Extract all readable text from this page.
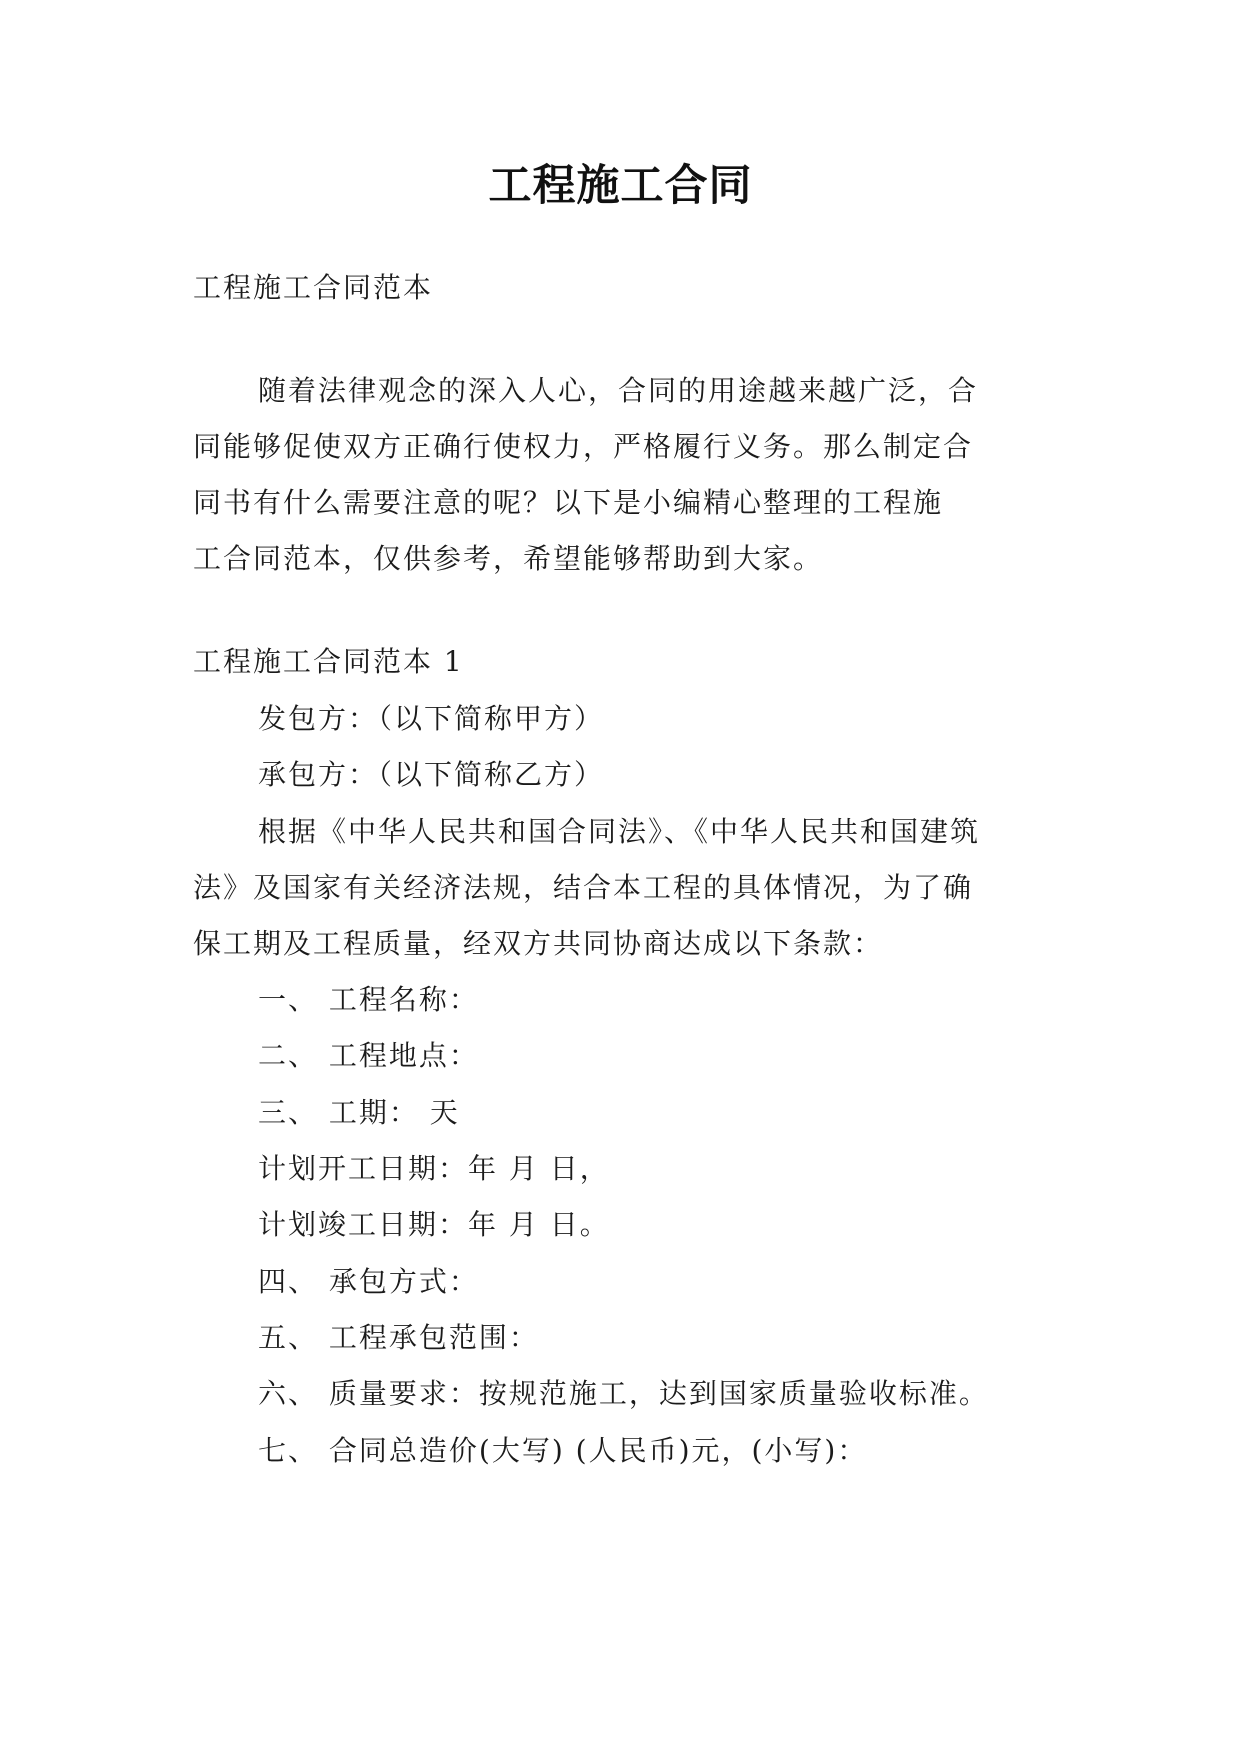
工程施工合同
工程施工合同范本
随着法律观念的深入人心，合同的用途越来越广泛，合
同能够促使双方正确行使权力，严格履行义务。那么制定合
同书有什么需要注意的呢？以下是小编精心整理的工程施
工合同范本，仅供参考，希望能够帮助到大家。
工程施工合同范本 1
发包方：（以下简称甲方）
承包方：（以下简称乙方）
根据《中华人民共和国合同法》、《中华人民共和国建筑
法》及国家有关经济法规，结合本工程的具体情况，为了确
保工期及工程质量，经双方共同协商达成以下条款：
一、 工程名称：
二、 工程地点：
三、 工期： 天
计划开工日期：年 月 日，
计划竣工日期：年 月 日。
四、 承包方式：
五、 工程承包范围：
六、 质量要求：按规范施工，达到国家质量验收标准。
七、 合同总造价(大写) (人民币)元，(小写)：
